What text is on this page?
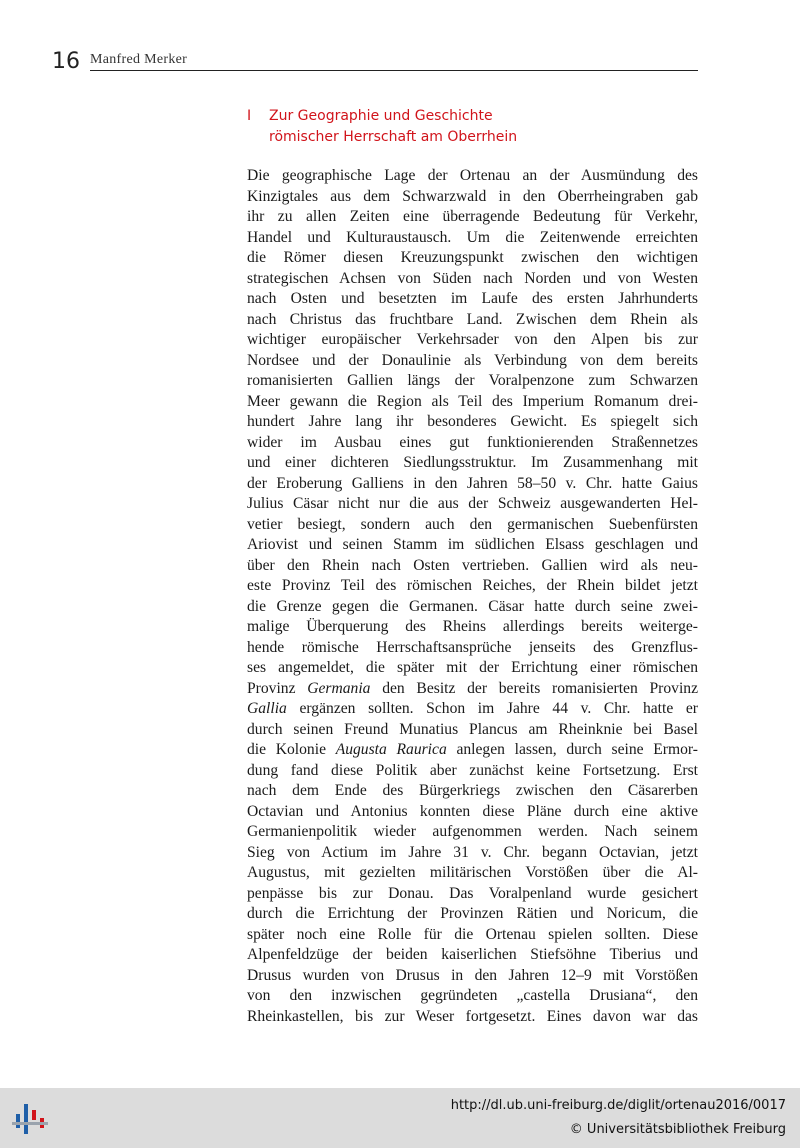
16 Manfred Merker
I Zur Geographie und Geschichte
römischer Herrschaft am Oberrhein
Die geographische Lage der Ortenau an der Ausmündung des
Kinzigtales aus dem Schwarzwald in den Oberrheingraben gab
ihr zu allen Zeiten eine überragende Bedeutung für Verkehr,
Handel und Kulturaustausch. Um die Zeitenwende erreichten
die Römer diesen Kreuzungspunkt zwischen den wichtigen
strategischen Achsen von Süden nach Norden und von Westen
nach Osten und besetzten im Laufe des ersten Jahrhunderts
nach Christus das fruchtbare Land. Zwischen dem Rhein als
wichtiger europäischer Verkehrsader von den Alpen bis zur
Nordsee und der Donaulinie als Verbindung von dem bereits
romanisierten Gallien längs der Voralpenzone zum Schwarzen
Meer gewann die Region als Teil des Imperium Romanum drei-
hundert Jahre lang ihr besonderes Gewicht. Es spiegelt sich
wider im Ausbau eines gut funktionierenden Straßennetzes
und einer dichteren Siedlungsstruktur. Im Zusammenhang mit
der Eroberung Galliens in den Jahren 58–50 v. Chr. hatte Gaius
Julius Cäsar nicht nur die aus der Schweiz ausgewanderten Hel-
vetier besiegt, sondern auch den germanischen Suebenfürsten
Ariovist und seinen Stamm im südlichen Elsass geschlagen und
über den Rhein nach Osten vertrieben. Gallien wird als neu-
este Provinz Teil des römischen Reiches, der Rhein bildet jetzt
die Grenze gegen die Germanen. Cäsar hatte durch seine zwei-
malige Überquerung des Rheins allerdings bereits weiterge-
hende römische Herrschaftsansprüche jenseits des Grenzflus-
ses angemeldet, die später mit der Errichtung einer römischen
Provinz Germania den Besitz der bereits romanisierten Provinz
Gallia ergänzen sollten. Schon im Jahre 44 v. Chr. hatte er
durch seinen Freund Munatius Plancus am Rheinknie bei Basel
die Kolonie Augusta Raurica anlegen lassen, durch seine Ermor-
dung fand diese Politik aber zunächst keine Fortsetzung. Erst
nach dem Ende des Bürgerkriegs zwischen den Cäsarerben
Octavian und Antonius konnten diese Pläne durch eine aktive
Germanienpolitik wieder aufgenommen werden. Nach seinem
Sieg von Actium im Jahre 31 v. Chr. begann Octavian, jetzt
Augustus, mit gezielten militärischen Vorstößen über die Al-
penpässe bis zur Donau. Das Voralpenland wurde gesichert
durch die Errichtung der Provinzen Rätien und Noricum, die
später noch eine Rolle für die Ortenau spielen sollten. Diese
Alpenfeldzüge der beiden kaiserlichen Stiefsöhne Tiberius und
Drusus wurden von Drusus in den Jahren 12–9 mit Vorstößen
von den inzwischen gegründeten „castella Drusiana“, den
Rheinkastellen, bis zur Weser fortgesetzt. Eines davon war das
http://dl.ub.uni-freiburg.de/diglit/ortenau2016/0017
© Universitätsbibliothek Freiburg
